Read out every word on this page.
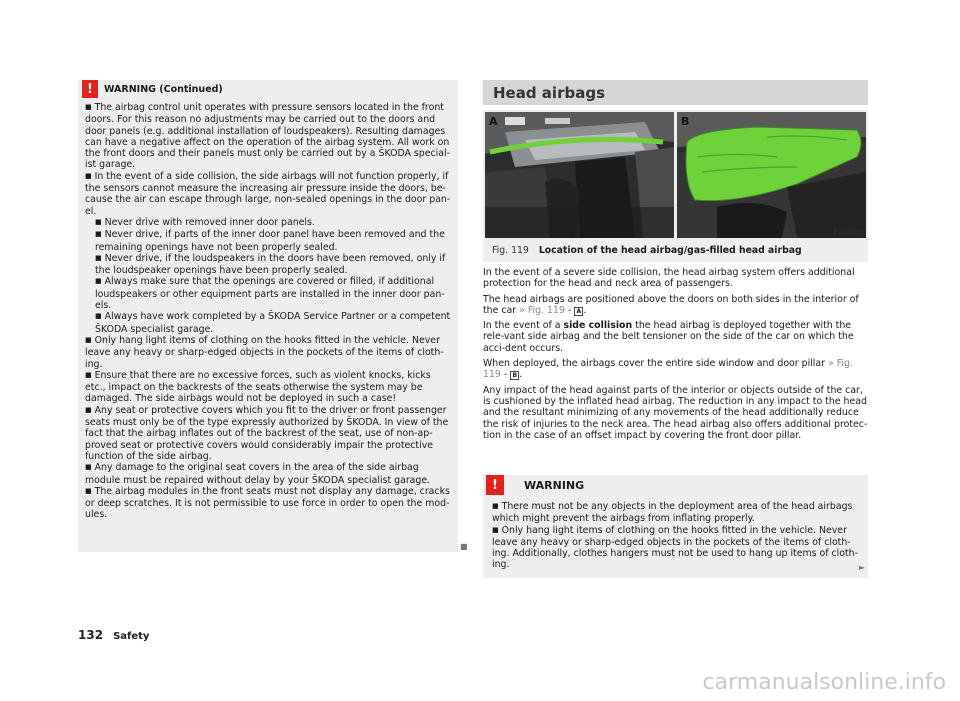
!	WARNING (Continued)

■ The airbag control unit operates with pressure sensors located in the front doors. For this reason no adjustments may be carried out to the doors and door panels (e.g. additional installation of loudspeakers). Resulting damages can have a negative affect on the operation of the airbag system. All work on the front doors and their panels must only be carried out by a ŠKODA special-ist garage.

■ In the event of a side collision, the side airbags will not function properly, if the sensors cannot measure the increasing air pressure inside the doors, be-cause the air can escape through large, non-sealed openings in the door pan-el.

■ Never drive with removed inner door panels.

■ Never drive, if parts of the inner door panel have been removed and the remaining openings have not been properly sealed.

■ Never drive, if the loudspeakers in the doors have been removed, only if the loudspeaker openings have been properly sealed.

■ Always make sure that the openings are covered or filled, if additional loudspeakers or other equipment parts are installed in the inner door pan-els.

■ Always have work completed by a ŠKODA Service Partner or a competent ŠKODA specialist garage.

■ Only hang light items of clothing on the hooks fitted in the vehicle. Never leave any heavy or sharp-edged objects in the pockets of the items of cloth-ing.

■ Ensure that there are no excessive forces, such as violent knocks, kicks etc., impact on the backrests of the seats otherwise the system may be damaged. The side airbags would not be deployed in such a case!

■ Any seat or protective covers which you fit to the driver or front passenger seats must only be of the type expressly authorized by ŠKODA. In view of the fact that the airbag inflates out of the backrest of the seat, use of non-ap-proved seat or protective covers would considerably impair the protective function of the side airbag.

■ Any damage to the original seat covers in the area of the side airbag module must be repaired without delay by your ŠKODA specialist garage.

■ The airbag modules in the front seats must not display any damage, cracks or deep scratches. It is not permissible to use force in order to open the mod-ules.

■
Head airbags
A	B
B1Z-0505
Fig. 119 Location of the head airbag/gas-filled head airbag

In the event of a severe side collision, the head airbag system offers additional protection for the head and neck area of passengers.

The head airbags are positioned above the doors on both sides in the interior of the car » Fig. 119 - A .

In the event of a side collision the head airbag is deployed together with the rele-vant side airbag and the belt tensioner on the side of the car on which the acci-dent occurs.

When deployed, the airbags cover the entire side window and door pillar » Fig. 119 - B .

Any impact of the head against parts of the interior or objects outside of the car, is cushioned by the inflated head airbag. The reduction in any impact to the head and the resultant minimizing of any movements of the head additionally reduce the risk of injuries to the neck area. The head airbag also offers additional protec-tion in the case of an offset impact by covering the front door pillar.

!	WARNING

■ There must not be any objects in the deployment area of the head airbags which might prevent the airbags from inflating properly.

■ Only hang light items of clothing on the hooks fitted in the vehicle. Never leave any heavy or sharp-edged objects in the pockets of the items of cloth-ing. Additionally, clothes hangers must not be used to hang up items of cloth-ing.	►
132 Safety
carmanualsonline.info
